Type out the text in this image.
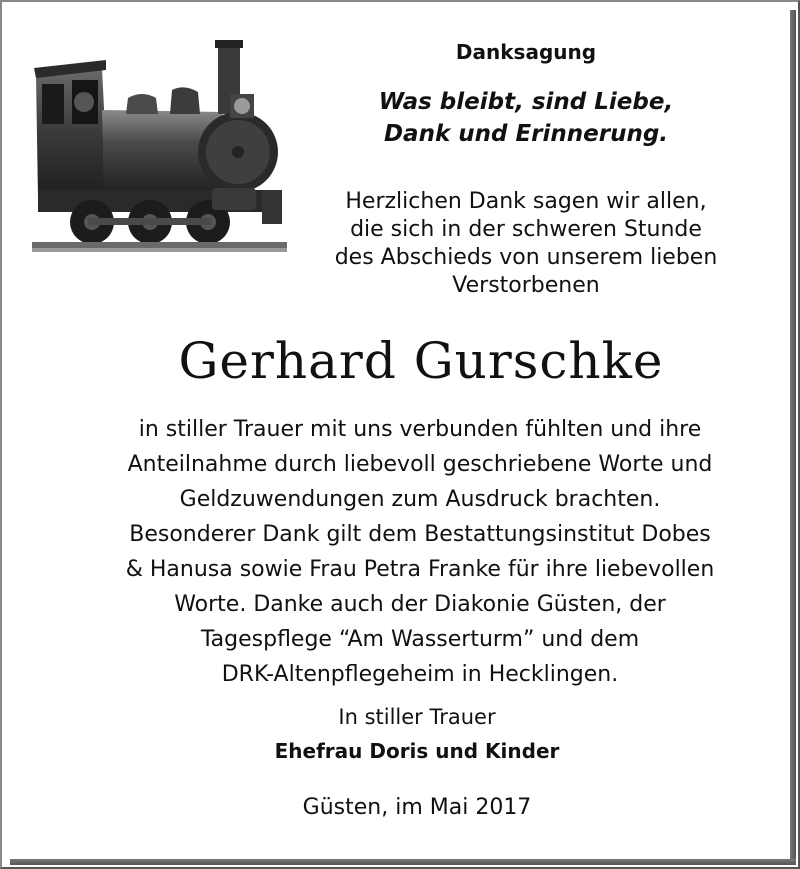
Danksagung
Was bleibt, sind Liebe,
Dank und Erinnerung.
Herzlichen Dank sagen wir allen,
die sich in der schweren Stunde
des Abschieds von unserem lieben
Verstorbenen
Gerhard Gurschke
in stiller Trauer mit uns verbunden fühlten und ihre
Anteilnahme durch liebevoll geschriebene Worte und
Geldzuwendungen zum Ausdruck brachten.
Besonderer Dank gilt dem Bestattungsinstitut Dobes
& Hanusa sowie Frau Petra Franke für ihre liebevollen
Worte. Danke auch der Diakonie Güsten, der
Tagespflege “Am Wasserturm” und dem
DRK-Altenpflegeheim in Hecklingen.
In stiller Trauer
Ehefrau Doris und Kinder
Güsten, im Mai 2017
